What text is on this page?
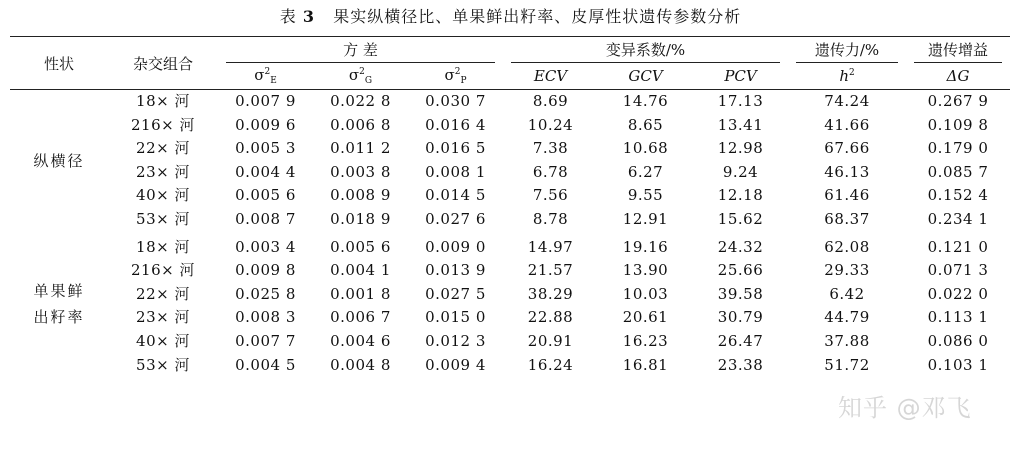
表 3 果实纵横径比、单果鲜出籽率、皮厚性状遗传参数分析
性状	杂交组合	方 差			变异系数/%			遗传力/%	遗传增益

		$\sigma^2_E$	$\sigma^2_G$	$\sigma^2_P$	ECV	GCV	PCV	$h^2$	ΔG
纵横径	18× 河	0.007 9	0.022 8	0.030 7	8.69	14.76	17.13	74.24	0.267 9
	216× 河	0.009 6	0.006 8	0.016 4	10.24	8.65	13.41	41.66	0.109 8
	22× 河	0.005 3	0.011 2	0.016 5	7.38	10.68	12.98	67.66	0.179 0
	23× 河	0.004 4	0.003 8	0.008 1	6.78	6.27	9.24	46.13	0.085 7
	40× 河	0.005 6	0.008 9	0.014 5	7.56	9.55	12.18	61.46	0.152 4
	53× 河	0.008 7	0.018 9	0.027 6	8.78	12.91	15.62	68.37	0.234 1
单果鲜出籽率	18× 河	0.003 4	0.005 6	0.009 0	14.97	19.16	24.32	62.08	0.121 0
	216× 河	0.009 8	0.004 1	0.013 9	21.57	13.90	25.66	29.33	0.071 3
	22× 河	0.025 8	0.001 8	0.027 5	38.29	10.03	39.58	6.42	0.022 0
	23× 河	0.008 3	0.006 7	0.015 0	22.88	20.61	30.79	44.79	0.113 1
	40× 河	0.007 7	0.004 6	0.012 3	20.91	16.23	26.47	37.88	0.086 0
	53× 河	0.004 5	0.004 8	0.009 4	16.24	16.81	23.38	51.72	0.103 1
知乎 @邓飞
